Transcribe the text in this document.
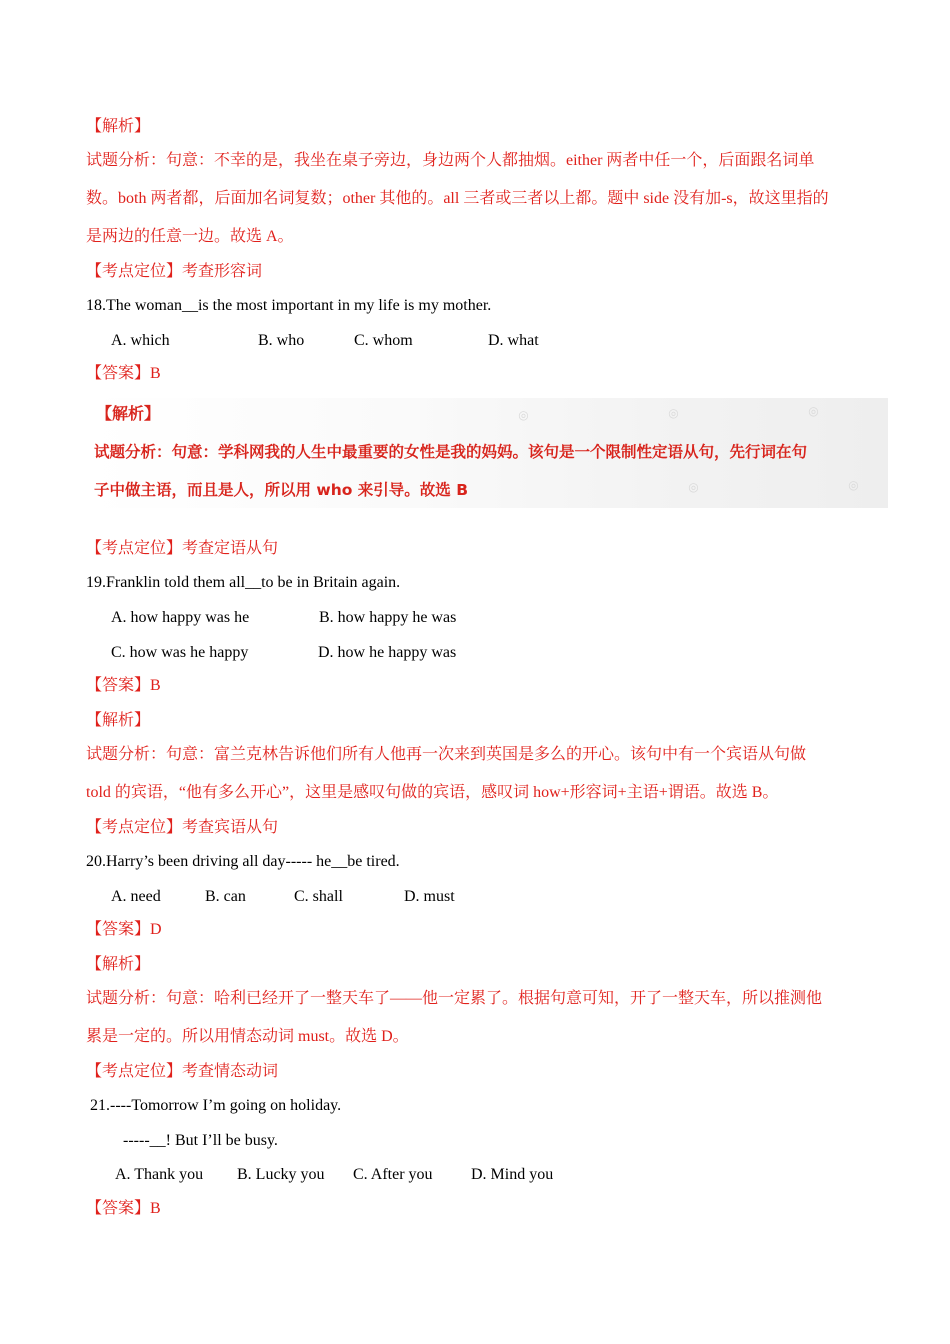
【解析】
试题分析：句意：不幸的是，我坐在桌子旁边，身边两个人都抽烟。either 两者中任一个，后面跟名词单
数。both 两者都，后面加名词复数；other 其他的。all 三者或三者以上都。题中 side 没有加-s，故这里指的
是两边的任意一边。故选 A。
【考点定位】考查形容词
18.The woman__is the most important in my life is my mother.
A. which	B. who	C. whom	D. what
【答案】B
◎	◎	◎
◎	◎
【解析】
试题分析：句意：学科网我的人生中最重要的女性是我的妈妈。该句是一个限制性定语从句，先行词在句
子中做主语，而且是人，所以用 who 来引导。故选 B
【考点定位】考查定语从句
19.Franklin told them all__to be in Britain again.
A. how happy was he	B. how happy he was
C. how was he happy	D. how he happy was
【答案】B
【解析】
试题分析：句意：富兰克林告诉他们所有人他再一次来到英国是多么的开心。该句中有一个宾语从句做
told 的宾语，“他有多么开心”，这里是感叹句做的宾语，感叹词 how+形容词+主语+谓语。故选 B。
【考点定位】考查宾语从句
20.Harry’s been driving all day----- he__be tired.
A. need	B. can	C. shall	D. must
【答案】D
【解析】
试题分析：句意：哈利已经开了一整天车了——他一定累了。根据句意可知，开了一整天车，所以推测他
累是一定的。所以用情态动词 must。故选 D。
【考点定位】考查情态动词
21.----Tomorrow I’m going on holiday.
-----__! But I’ll be busy.
A. Thank you B. Lucky you C. After you D. Mind you
【答案】B
